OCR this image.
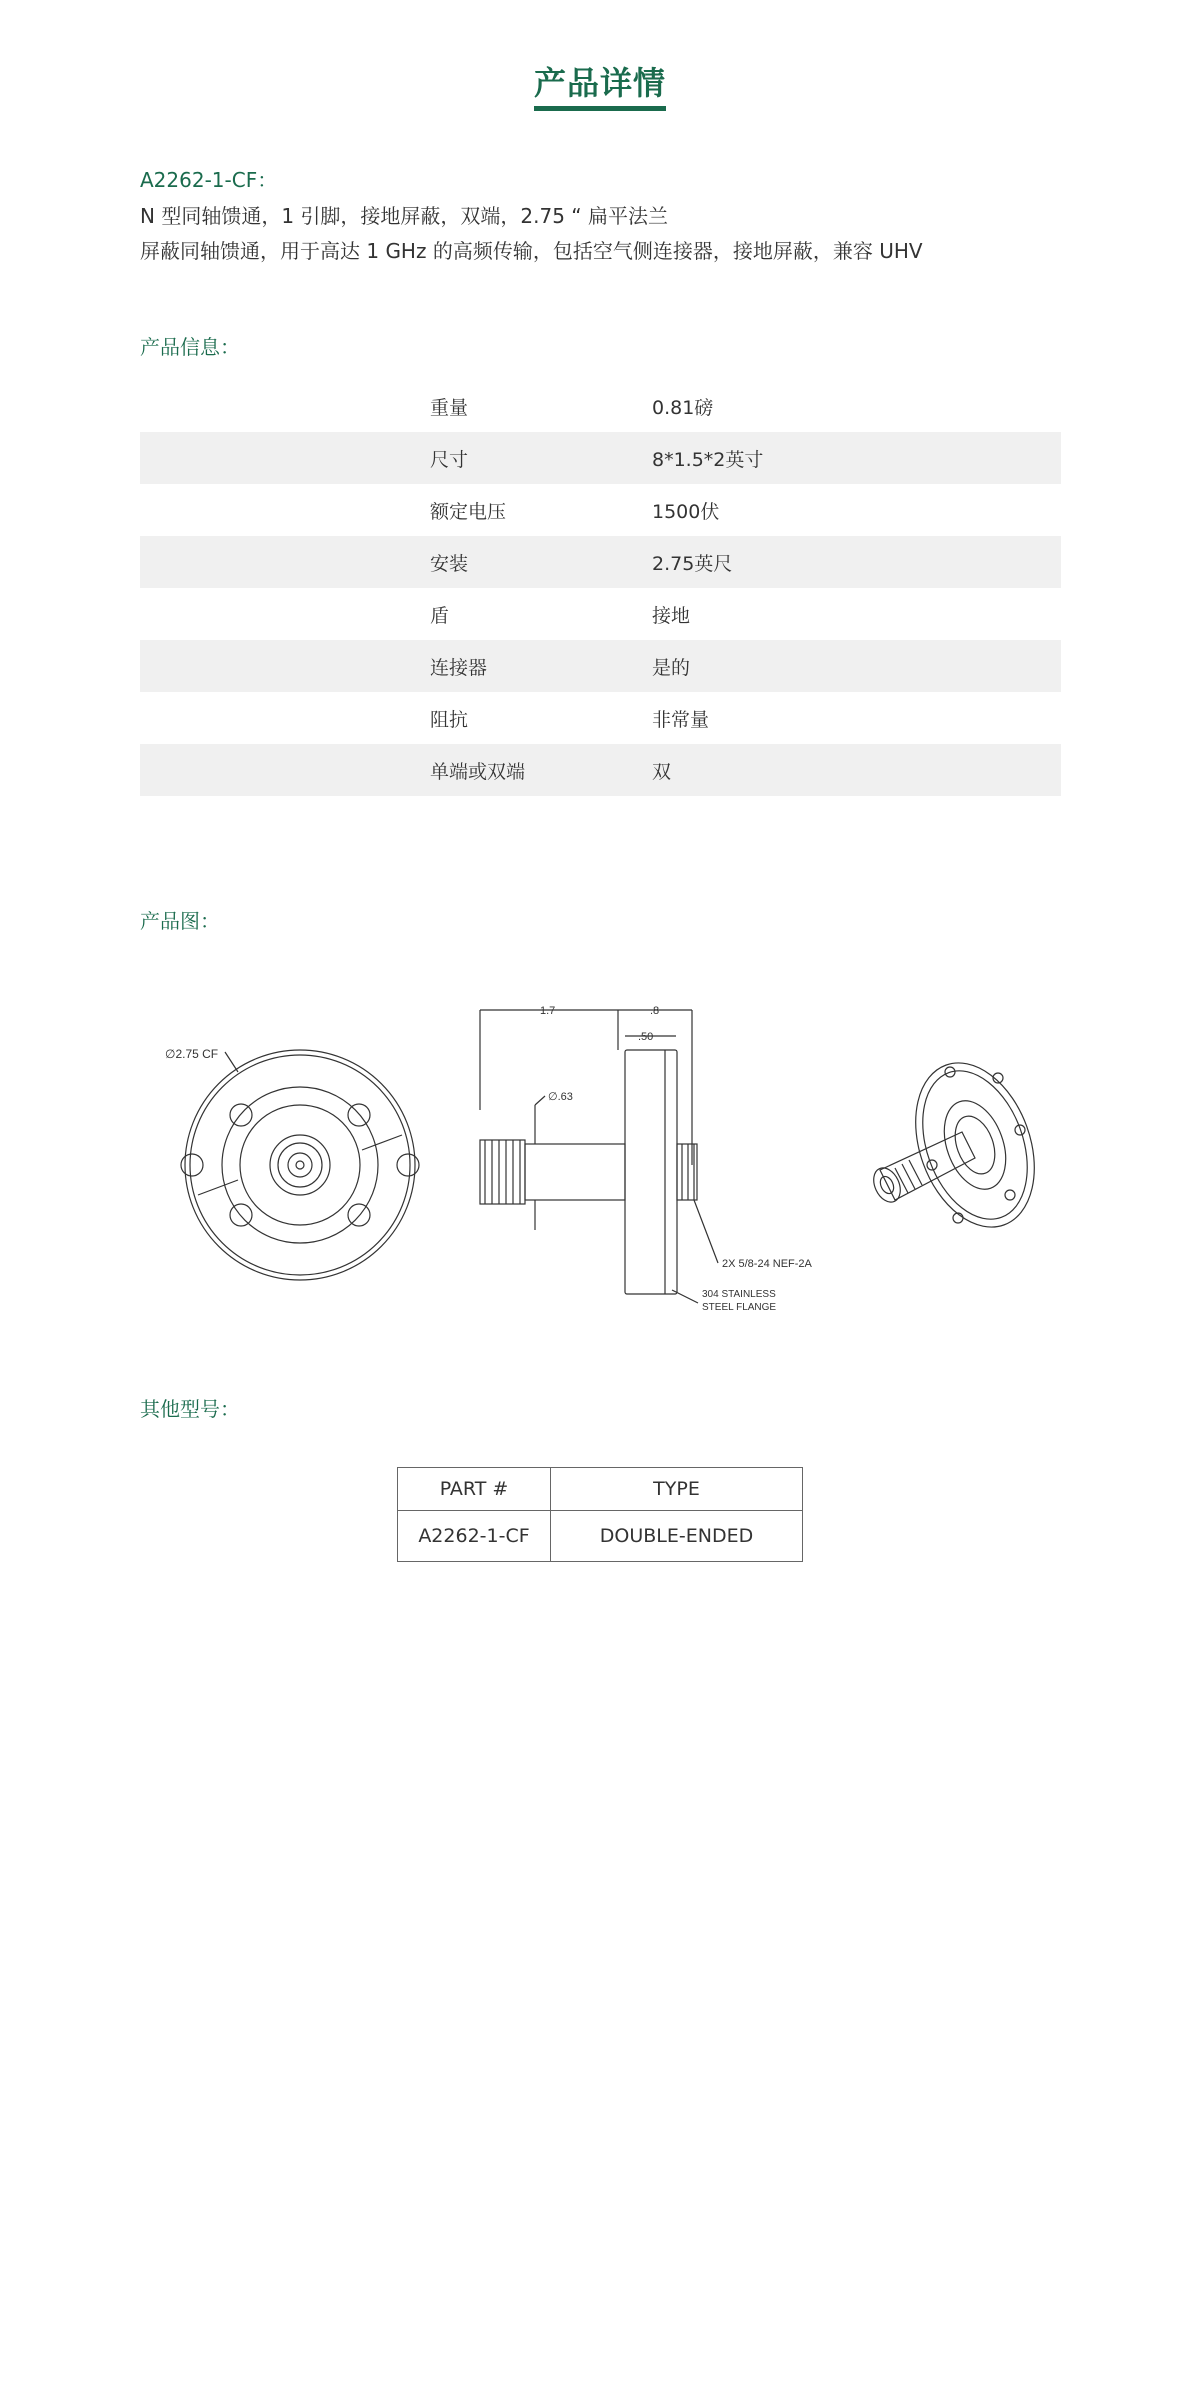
产品详情
A2262-1-CF：
N 型同轴馈通，1 引脚，接地屏蔽，双端，2.75 “ 扁平法兰
屏蔽同轴馈通，用于高达 1 GHz 的高频传输，包括空气侧连接器，接地屏蔽，兼容 UHV
产品信息：
重量	0.81磅
尺寸	8*1.5*2英寸
额定电压	1500伏
安装	2.75英尺
盾	接地
连接器	是的
阻抗	非常量
单端或双端	双
产品图：
∅2.75 CF
1.7	.8
.50
∅.63
2X 5/8-24 NEF-2A
304 STAINLESS
STEEL FLANGE
其他型号：
PART #	TYPE
A2262-1-CF	DOUBLE-ENDED
